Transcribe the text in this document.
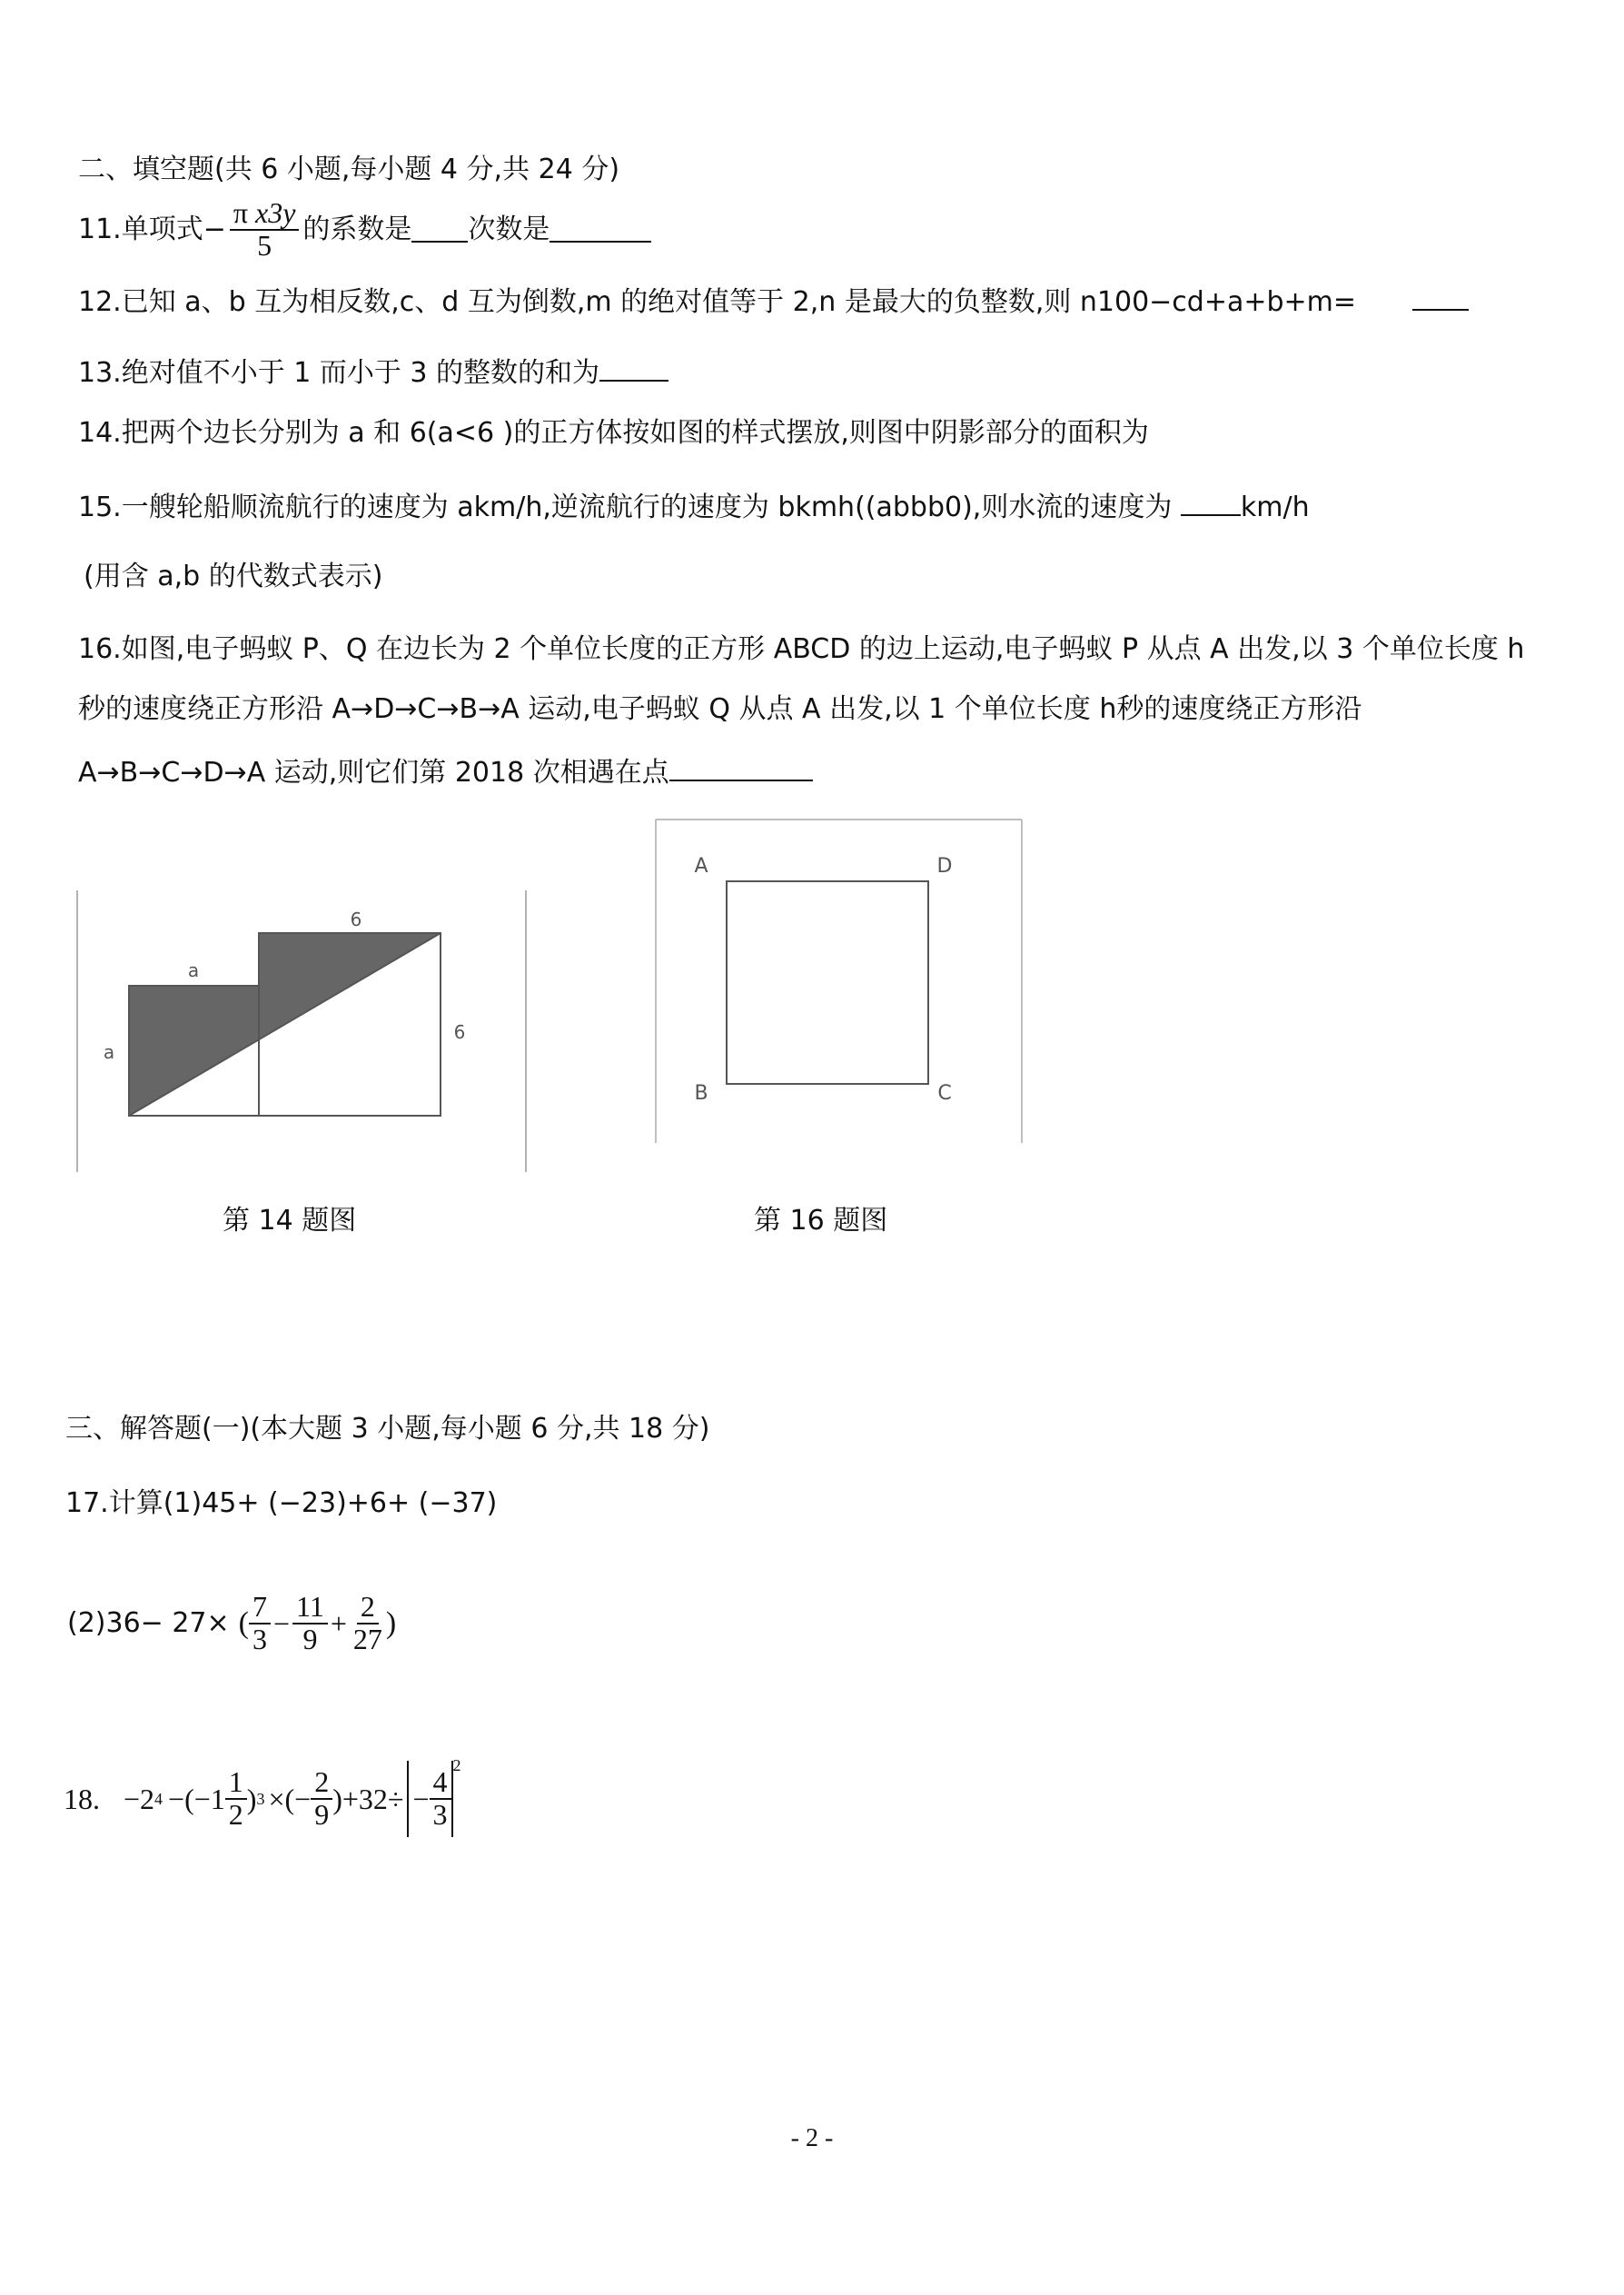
二、填空题(共 6 小题,每小题 4 分,共 24 分)
11.单项式− $\frac{\text{π x3y}}{5}$ 的系数是 次数是
12.已知 a、b 互为相反数,c、d 互为倒数,m 的绝对值等于 2,n 是最大的负整数,则 n100−cd+a+b+m=
13.绝对值不小于 1 而小于 3 的整数的和为
14.把两个边长分别为 a 和 6(a<6 )的正方体按如图的样式摆放,则图中阴影部分的面积为
15.一艘轮船顺流航行的速度为 akm/h,逆流航行的速度为 bkmh((abbb0),则水流的速度为	km/h
(用含 a,b 的代数式表示)
16.如图,电子蚂蚁 P、Q 在边长为 2 个单位长度的正方形 ABCD 的边上运动,电子蚂蚁 P 从点 A 出发,以 3 个单位长度 h
秒的速度绕正方形沿 A→D→C→B→A 运动,电子蚂蚁 Q 从点 A 出发,以 1 个单位长度 h秒的速度绕正方形沿
A→B→C→D→A 运动,则它们第 2018 次相遇在点
a
a
6
6
第 14 题图
A	D
B	C
第 16 题图
三、解答题(一)(本大题 3 小题,每小题 6 分,共 18 分)
17.计算(1)45+ (−23)+6+ (−37)
(2)36− 27× ( $\frac{7}{3} - \frac{11}{9} + \frac{2}{27}$ )
18. −2 $4 -(-1 \frac{1}{2}$ ) 3 ×(− $\frac{2}{9} )+32\div - \frac{4}{3}$
$^2$
- 2 -
